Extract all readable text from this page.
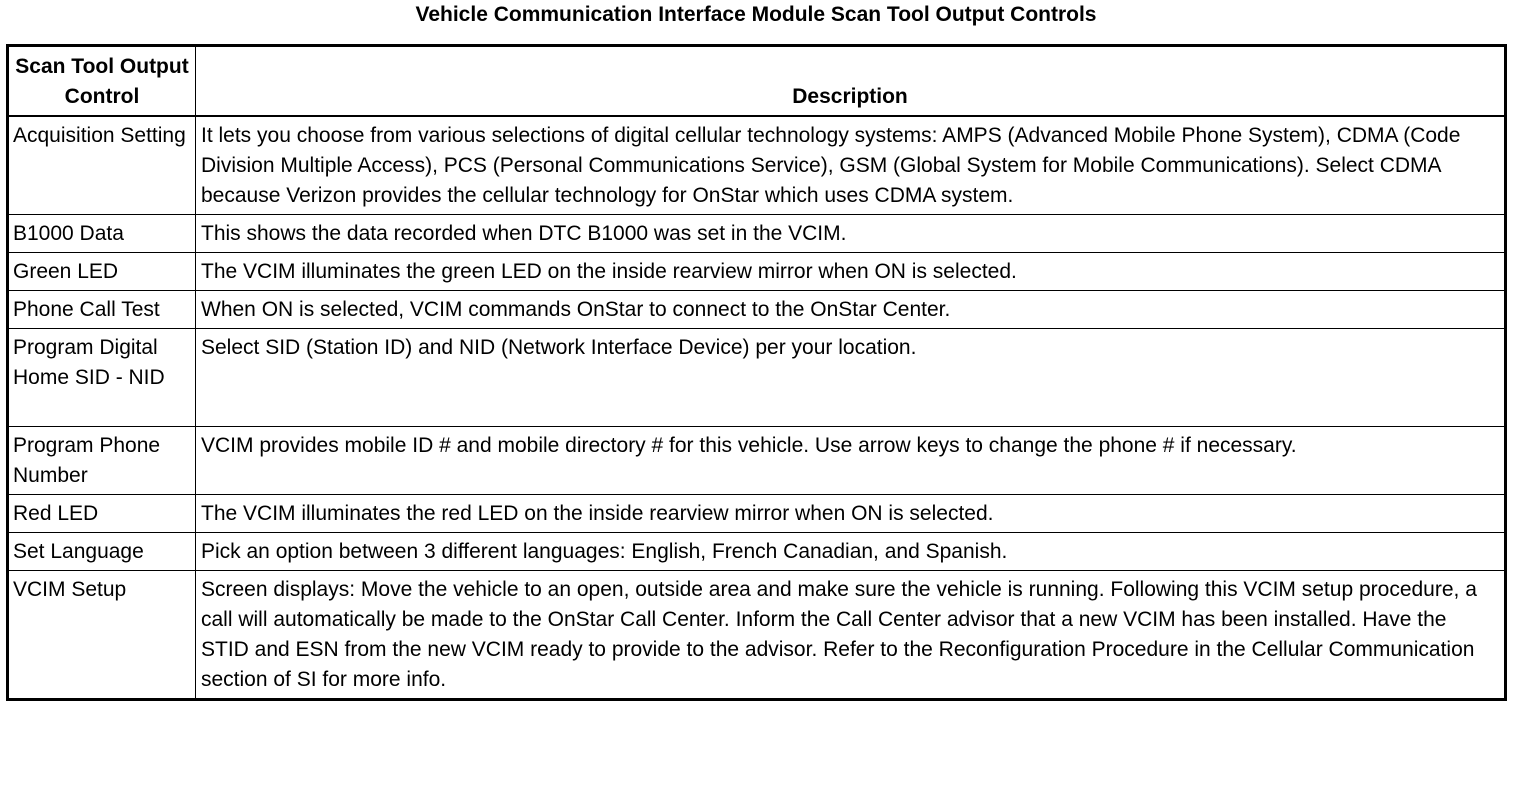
Vehicle Communication Interface Module Scan Tool Output Controls
Scan Tool Output Control	Description
Acquisition Setting	It lets you choose from various selections of digital cellular technology systems: AMPS (Advanced Mobile Phone System), CDMA (Code Division Multiple Access), PCS (Personal Communications Service), GSM (Global System for Mobile Communications). Select CDMA because Verizon provides the cellular technology for OnStar which uses CDMA system.
B1000 Data	This shows the data recorded when DTC B1000 was set in the VCIM.
Green LED	The VCIM illuminates the green LED on the inside rearview mirror when ON is selected.
Phone Call Test	When ON is selected, VCIM commands OnStar to connect to the OnStar Center.
Program Digital Home SID - NID	Select SID (Station ID) and NID (Network Interface Device) per your location.
Program Phone Number	VCIM provides mobile ID # and mobile directory # for this vehicle. Use arrow keys to change the phone # if necessary.
Red LED	The VCIM illuminates the red LED on the inside rearview mirror when ON is selected.
Set Language	Pick an option between 3 different languages: English, French Canadian, and Spanish.
VCIM Setup	Screen displays: Move the vehicle to an open, outside area and make sure the vehicle is running. Following this VCIM setup procedure, a call will automatically be made to the OnStar Call Center. Inform the Call Center advisor that a new VCIM has been installed. Have the STID and ESN from the new VCIM ready to provide to the advisor. Refer to the Reconfiguration Procedure in the Cellular Communication section of SI for more info.
